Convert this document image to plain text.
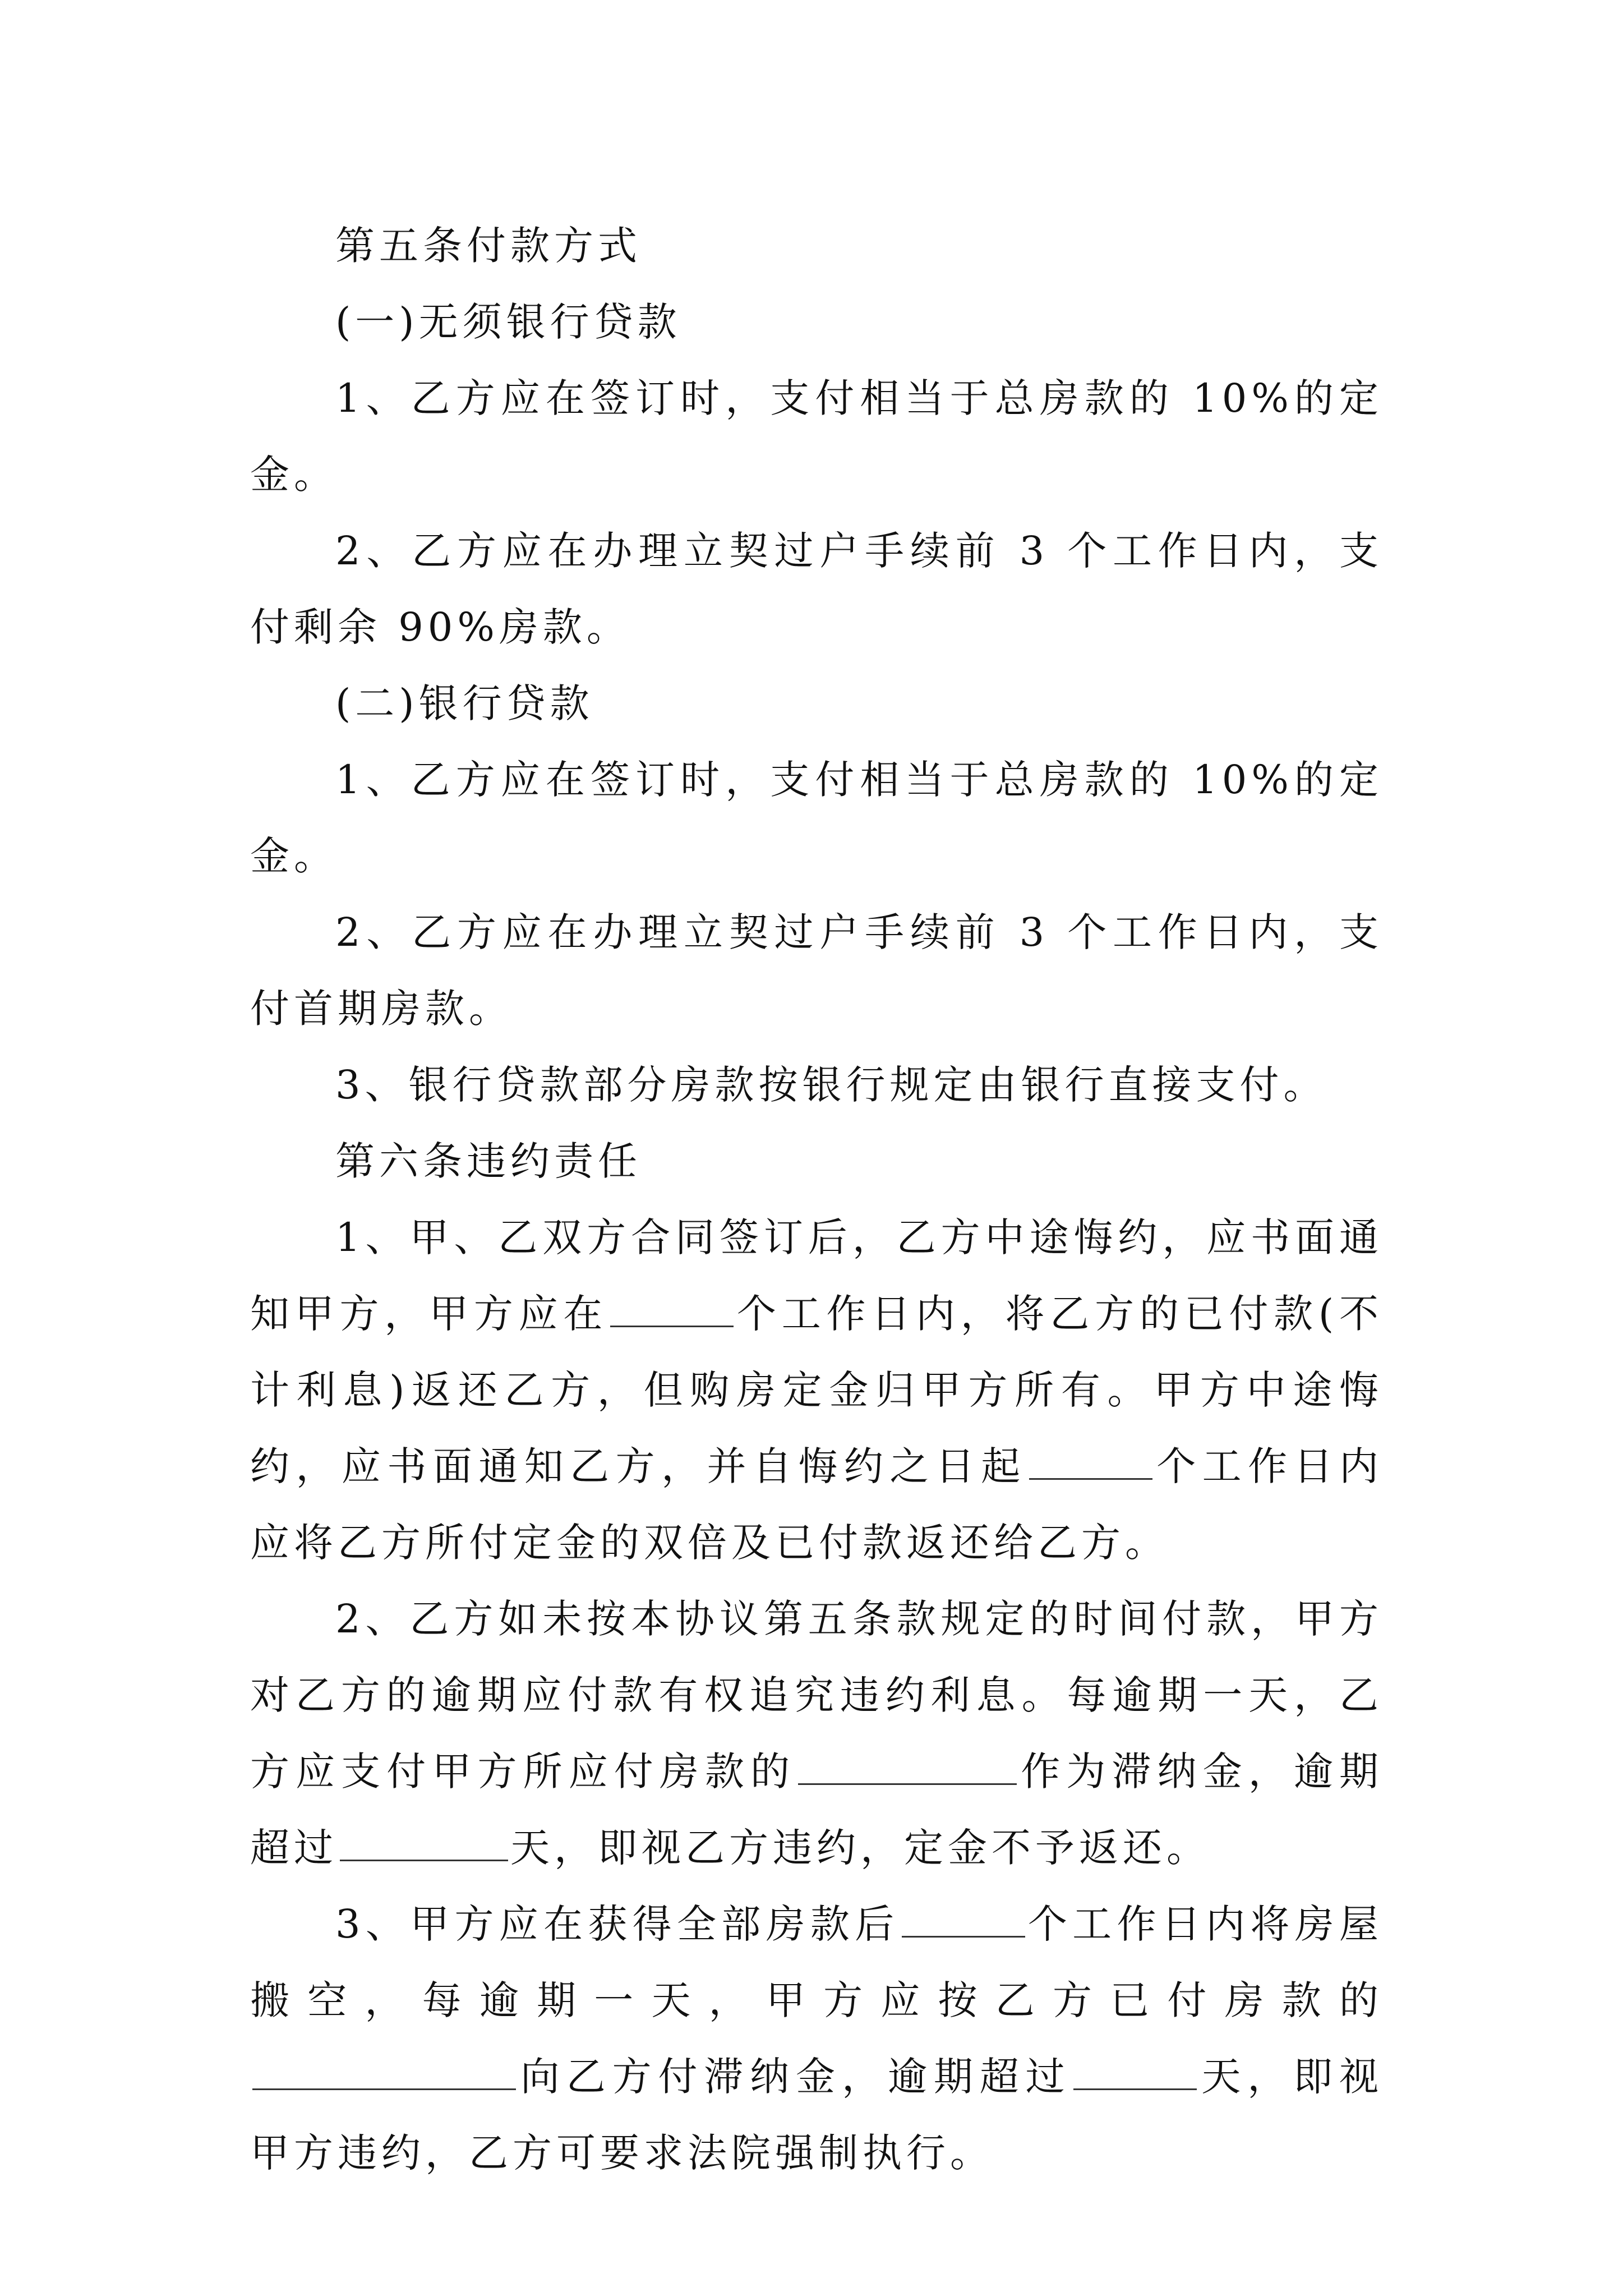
第五条付款方式

(一)无须银行贷款

1、乙方应在签订时，支付相当于总房款的 10%的定金。

2、乙方应在办理立契过户手续前 3 个工作日内，支付剩余 90%房款。

(二)银行贷款

1、乙方应在签订时，支付相当于总房款的 10%的定金。

2、乙方应在办理立契过户手续前 3 个工作日内，支付首期房款。

3、银行贷款部分房款按银行规定由银行直接支付。

第六条违约责任

1、甲、乙双方合同签订后，乙方中途悔约，应书面通知甲方，甲方应在	个工作日内，将乙方的已付款(不计利息)返还乙方，但购房定金归甲方所有。甲方中途悔约，应书面通知乙方，并自悔约之日起	个工作日内应将乙方所付定金的双倍及已付款返还给乙方。

2、乙方如未按本协议第五条款规定的时间付款，甲方对乙方的逾期应付款有权追究违约利息。每逾期一天，乙方应支付甲方所应付房款的	作为滞纳金，逾期超过	天，即视乙方违约，定金不予返还。

3、甲方应在获得全部房款后	个工作日内将房屋搬空，每逾期一天，甲方应按乙方已付房款的向乙方付滞纳金，逾期超过	天，即视甲方违约，乙方可要求法院强制执行。
